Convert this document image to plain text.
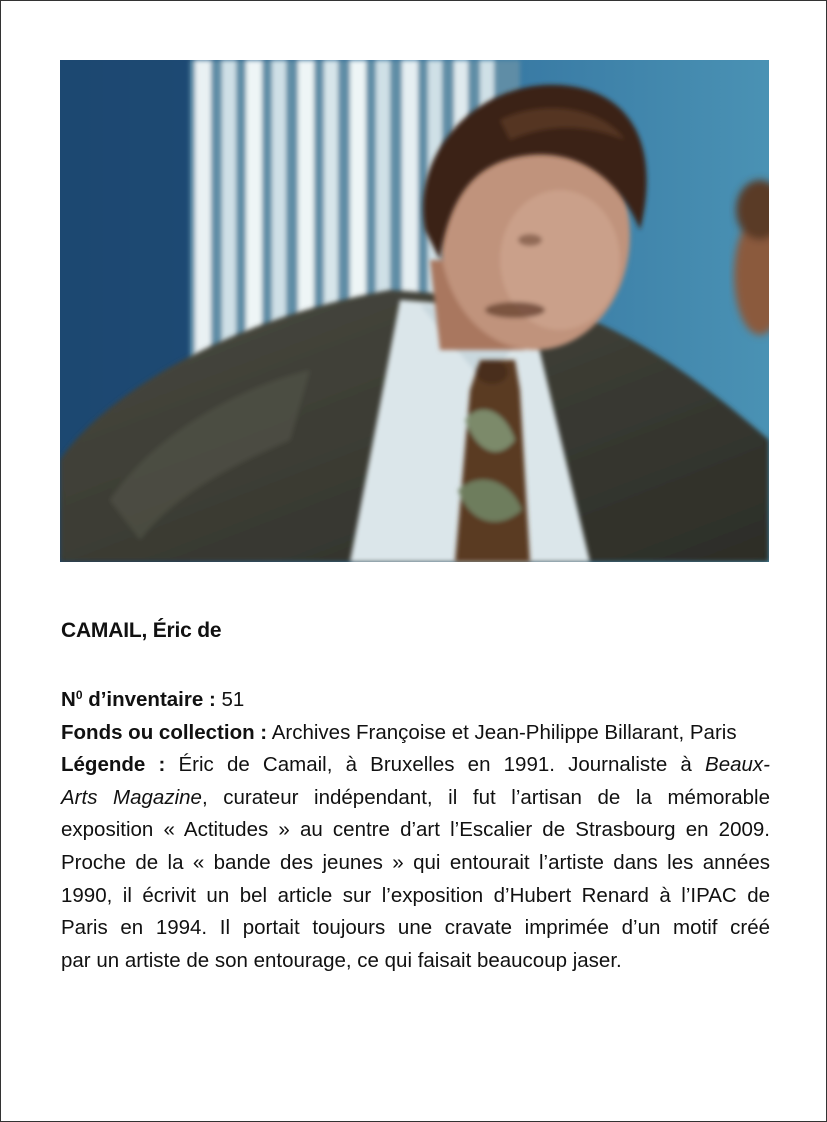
CAMAIL, Éric de

$N^0$ d’inventaire : 51

Fonds ou collection : Archives Françoise et Jean-Philippe Billarant, Paris

Légende : Éric de Camail, à Bruxelles en 1991. Journaliste à Beaux-
Arts Magazine, curateur indépendant, il fut l’artisan de la mémorable
exposition « Actitudes » au centre d’art l’Escalier de Strasbourg en 2009.
Proche de la « bande des jeunes » qui entourait l’artiste dans les années
1990, il écrivit un bel article sur l’exposition d’Hubert Renard à l’IPAC de
Paris en 1994. Il portait toujours une cravate imprimée d’un motif créé
par un artiste de son entourage, ce qui faisait beaucoup jaser.
